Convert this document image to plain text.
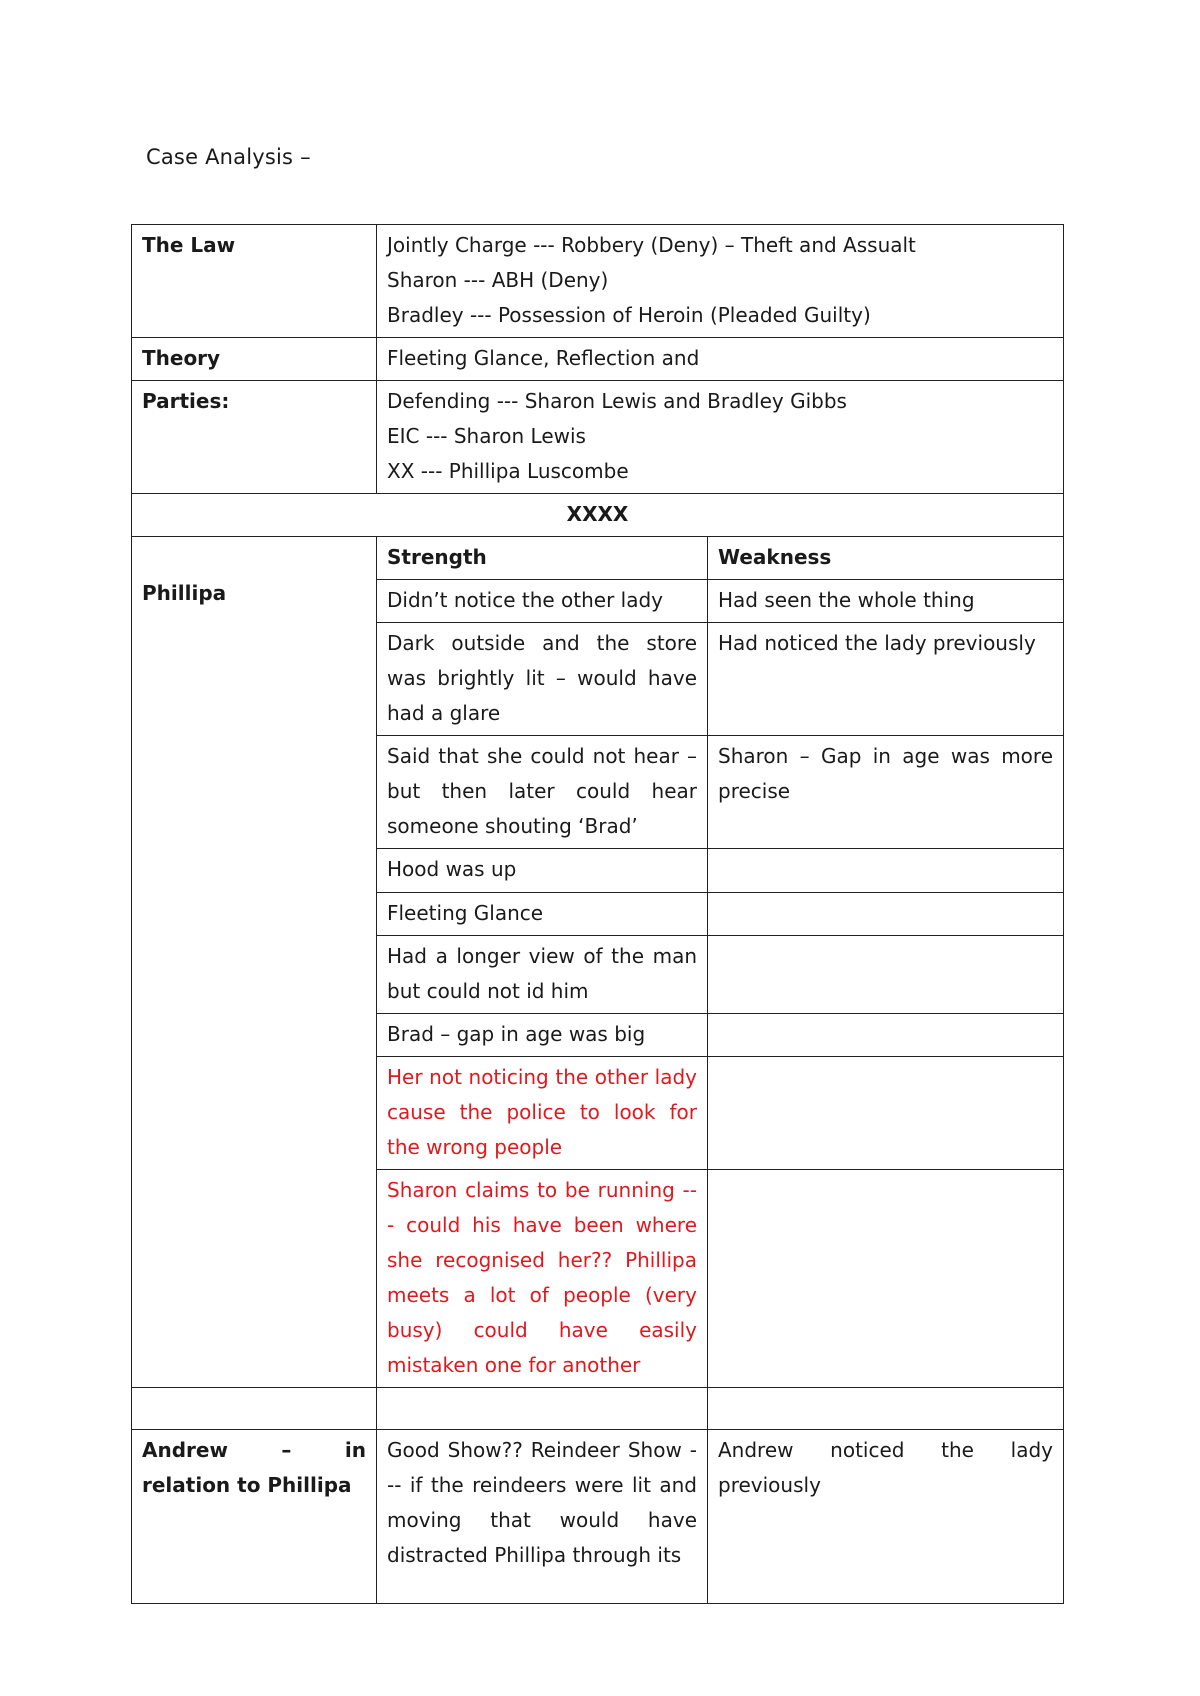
Case Analysis –
The Law	Jointly Charge --- Robbery (Deny) – Theft and Assualt
Sharon --- ABH (Deny)
Bradley --- Possession of Heroin (Pleaded Guilty)	

Theory	Fleeting Glance, Reflection and	
Parties:	Defending --- Sharon Lewis and Bradley Gibbs
EIC --- Sharon Lewis
XX --- Phillipa Luscombe	

XXXX		
Phillipa	Strength	Weakness
	Didn’t notice the other lady	Had seen the whole thing
	Dark outside and the store was brightly lit – would have had a glare	Had noticed the lady previously
	Said that she could not hear – but then later could hear someone shouting ‘Brad’	Sharon – Gap in age was more precise
	Hood was up	
	Fleeting Glance	
	Had a longer view of the man but could not id him	
	Brad – gap in age was big	
	Her not noticing the other lady cause the police to look for the wrong people	
	Sharon claims to be running --- could his have been where she recognised her?? Phillipa meets a lot of people (very busy) could have easily mistaken one for another	

Andrew – in relation to Phillipa	Good Show?? Reindeer Show --- if the reindeers were lit and moving that would have distracted Phillipa through its	Andrew noticed the lady previously
